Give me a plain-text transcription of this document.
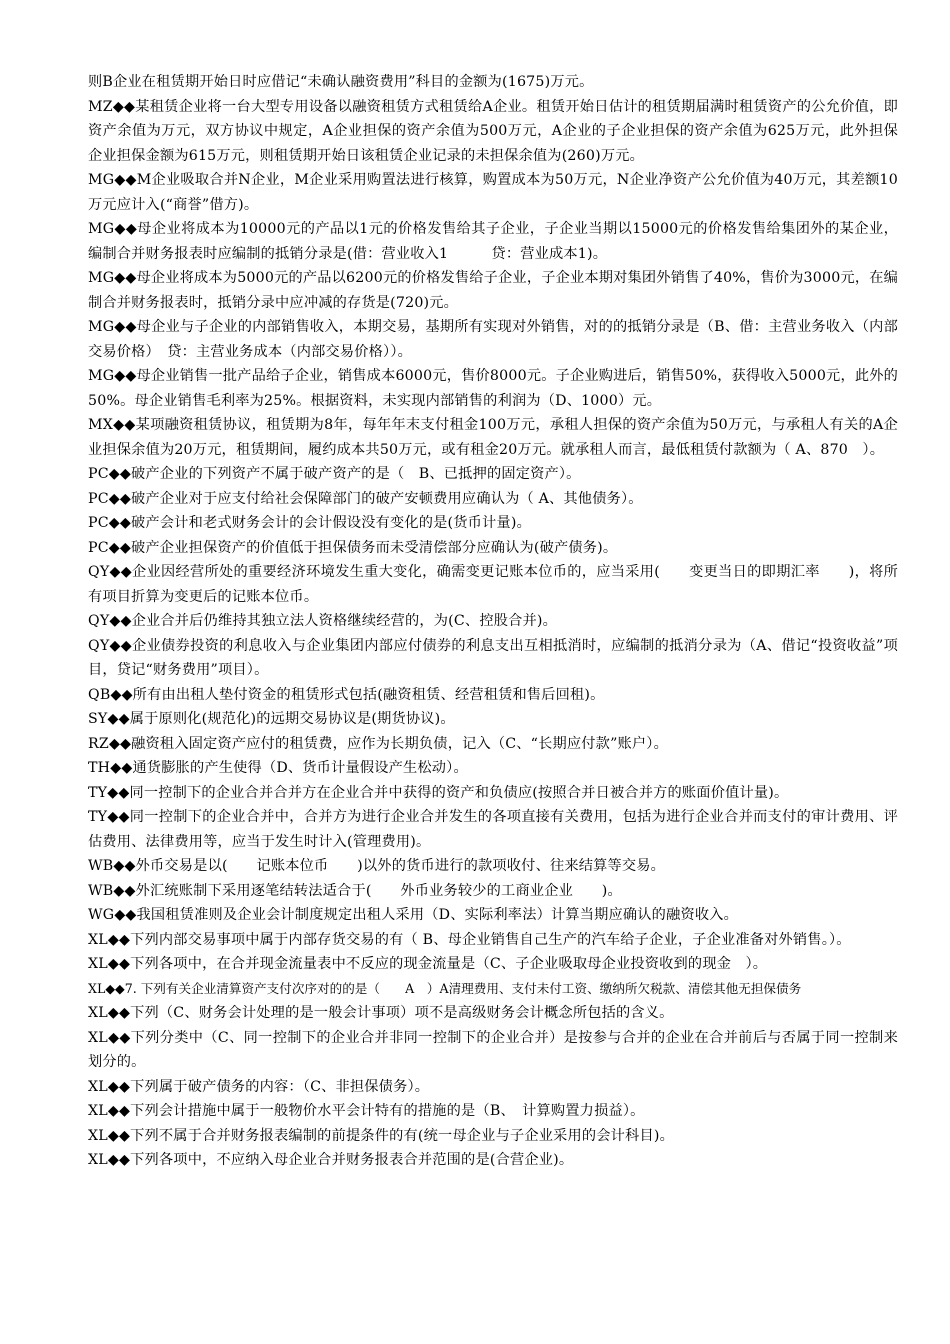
则B企业在租赁期开始日时应借记“未确认融资费用”科目的金额为(1675)万元。

MZ◆◆某租赁企业将一台大型专用设备以融资租赁方式租赁给A企业。租赁开始日估计的租赁期届满时租赁资产的公允价值，即资产余值为万元，双方协议中规定，A企业担保的资产余值为500万元，A企业的子企业担保的资产余值为625万元，此外担保企业担保金额为615万元，则租赁期开始日该租赁企业记录的未担保余值为(260)万元。

MG◆◆M企业吸取合并N企业，M企业采用购置法进行核算，购置成本为50万元，N企业净资产公允价值为40万元，其差额10万元应计入(“商誉”借方)。

MG◆◆母企业将成本为10000元的产品以1元的价格发售给其子企业，子企业当期以15000元的价格发售给集团外的某企业，编制合并财务报表时应编制的抵销分录是(借：营业收入1　　　贷：营业成本1)。

MG◆◆母企业将成本为5000元的产品以6200元的价格发售给子企业，子企业本期对集团外销售了40%，售价为3000元，在编制合并财务报表时，抵销分录中应冲减的存货是(720)元。

MG◆◆母企业与子企业的内部销售收入，本期交易，基期所有实现对外销售，对的的抵销分录是（B、借：主营业务收入（内部交易价格）　贷：主营业务成本（内部交易价格））。

MG◆◆母企业销售一批产品给子企业，销售成本6000元，售价8000元。子企业购进后，销售50%，获得收入5000元，此外的50%。母企业销售毛利率为25%。根据资料，未实现内部销售的利润为（D、1000）元。

MX◆◆某项融资租赁协议，租赁期为8年，每年年末支付租金100万元，承租人担保的资产余值为50万元，与承租人有关的A企业担保余值为20万元，租赁期间，履约成本共50万元，或有租金20万元。就承租人而言，最低租赁付款额为（ A、870　）。

PC◆◆破产企业的下列资产不属于破产资产的是（　B、已抵押的固定资产）。

PC◆◆破产企业对于应支付给社会保障部门的破产安顿费用应确认为（ A、其他债务）。

PC◆◆破产会计和老式财务会计的会计假设没有变化的是(货币计量)。

PC◆◆破产企业担保资产的价值低于担保债务而未受清偿部分应确认为(破产债务)。

QY◆◆企业因经营所处的重要经济环境发生重大变化，确需变更记账本位币的，应当采用(　　变更当日的即期汇率　　)，将所有项目折算为变更后的记账本位币。

QY◆◆企业合并后仍维持其独立法人资格继续经营的，为(C、控股合并)。

QY◆◆企业债券投资的利息收入与企业集团内部应付债券的利息支出互相抵消时，应编制的抵消分录为（A、借记“投资收益”项目，贷记“财务费用”项目）。

QB◆◆所有由出租人垫付资金的租赁形式包括(融资租赁、经营租赁和售后回租)。

SY◆◆属于原则化(规范化)的远期交易协议是(期货协议)。

RZ◆◆融资租入固定资产应付的租赁费，应作为长期负债，记入（C、“长期应付款”账户）。

TH◆◆通货膨胀的产生使得（D、货币计量假设产生松动）。

TY◆◆同一控制下的企业合并合并方在企业合并中获得的资产和负债应(按照合并日被合并方的账面价值计量)。

TY◆◆同一控制下的企业合并中，合并方为进行企业合并发生的各项直接有关费用，包括为进行企业合并而支付的审计费用、评估费用、法律费用等，应当于发生时计入(管理费用)。

WB◆◆外币交易是以(　　记账本位币　　)以外的货币进行的款项收付、往来结算等交易。

WB◆◆外汇统账制下采用逐笔结转法适合于(　　外币业务较少的工商业企业　　)。

WG◆◆我国租赁准则及企业会计制度规定出租人采用（D、实际利率法）计算当期应确认的融资收入。

XL◆◆下列内部交易事项中属于内部存货交易的有（ B、母企业销售自己生产的汽车给子企业，子企业准备对外销售。）。

XL◆◆下列各项中，在合并现金流量表中不反应的现金流量是（C、子企业吸取母企业投资收到的现金　）。

XL◆◆7. 下列有关企业清算资产支付次序对的的是（　　A　）A清理费用、支付未付工资、缴纳所欠税款、清偿其他无担保债务

XL◆◆下列（C、财务会计处理的是一般会计事项）项不是高级财务会计概念所包括的含义。

XL◆◆下列分类中（C、同一控制下的企业合并非同一控制下的企业合并）是按参与合并的企业在合并前后与否属于同一控制来划分的。

XL◆◆下列属于破产债务的内容：（C、非担保债务）。

XL◆◆下列会计措施中属于一般物价水平会计特有的措施的是（B、　计算购置力损益）。

XL◆◆下列不属于合并财务报表编制的前提条件的有(统一母企业与子企业采用的会计科目)。

XL◆◆下列各项中，不应纳入母企业合并财务报表合并范围的是(合营企业)。
